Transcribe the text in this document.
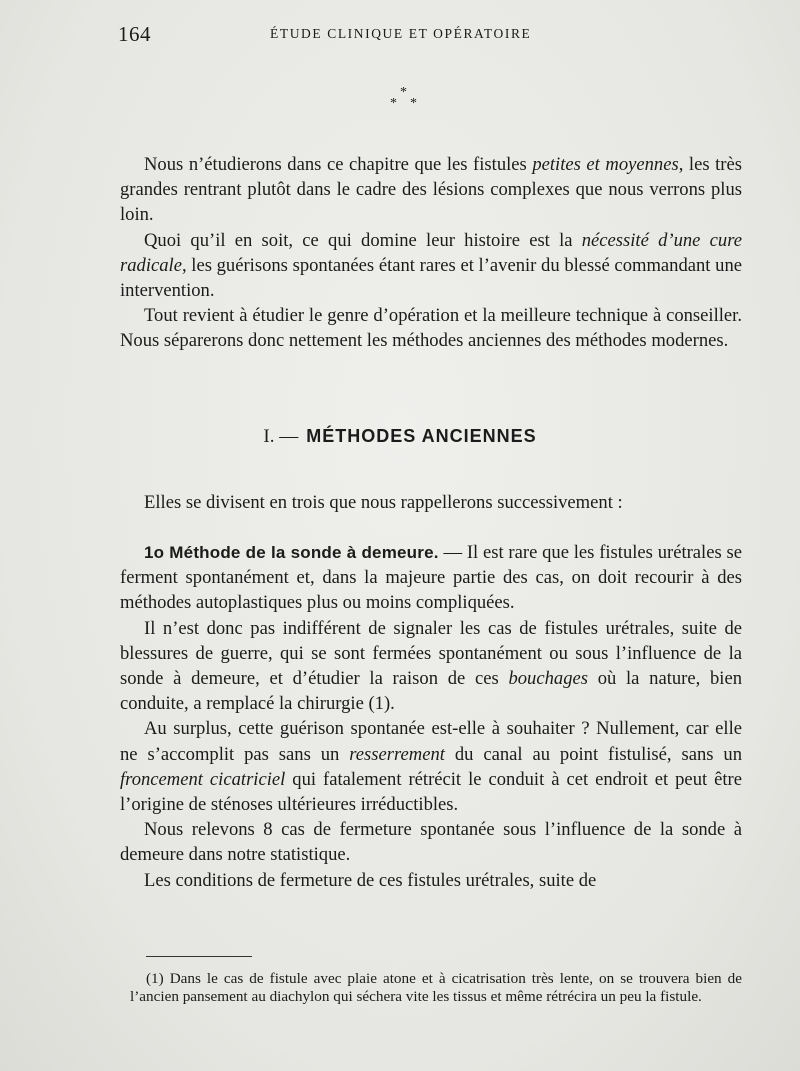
164	ÉTUDE CLINIQUE ET OPÉRATOIRE
*
* *

Nous n’étudierons dans ce chapitre que les fistules petites et moyennes, les très grandes rentrant plutôt dans le cadre des lésions complexes que nous verrons plus loin.

Quoi qu’il en soit, ce qui domine leur histoire est la nécessité d’une cure radicale, les guérisons spontanées étant rares et l’avenir du blessé commandant une intervention.

Tout revient à étudier le genre d’opération et la meilleure technique à conseiller. Nous séparerons donc nettement les méthodes anciennes des méthodes modernes.

I. — MÉTHODES ANCIENNES

Elles se divisent en trois que nous rappellerons successivement :

1o Méthode de la sonde à demeure. — Il est rare que les fistules urétrales se ferment spontanément et, dans la majeure partie des cas, on doit recourir à des méthodes autoplastiques plus ou moins compliquées.

Il n’est donc pas indifférent de signaler les cas de fistules urétrales, suite de blessures de guerre, qui se sont fermées spontanément ou sous l’influence de la sonde à demeure, et d’étudier la raison de ces bouchages où la nature, bien conduite, a remplacé la chirurgie (1).

Au surplus, cette guérison spontanée est-elle à souhaiter ? Nullement, car elle ne s’accomplit pas sans un resserrement du canal au point fistulisé, sans un froncement cicatriciel qui fatalement rétrécit le conduit à cet endroit et peut être l’origine de sténoses ultérieures irréductibles.

Nous relevons 8 cas de fermeture spontanée sous l’influence de la sonde à demeure dans notre statistique.

Les conditions de fermeture de ces fistules urétrales, suite de

(1) Dans le cas de fistule avec plaie atone et à cicatrisation très lente, on se trouvera bien de l’ancien pansement au diachylon qui séchera vite les tissus et même rétrécira un peu la fistule.
